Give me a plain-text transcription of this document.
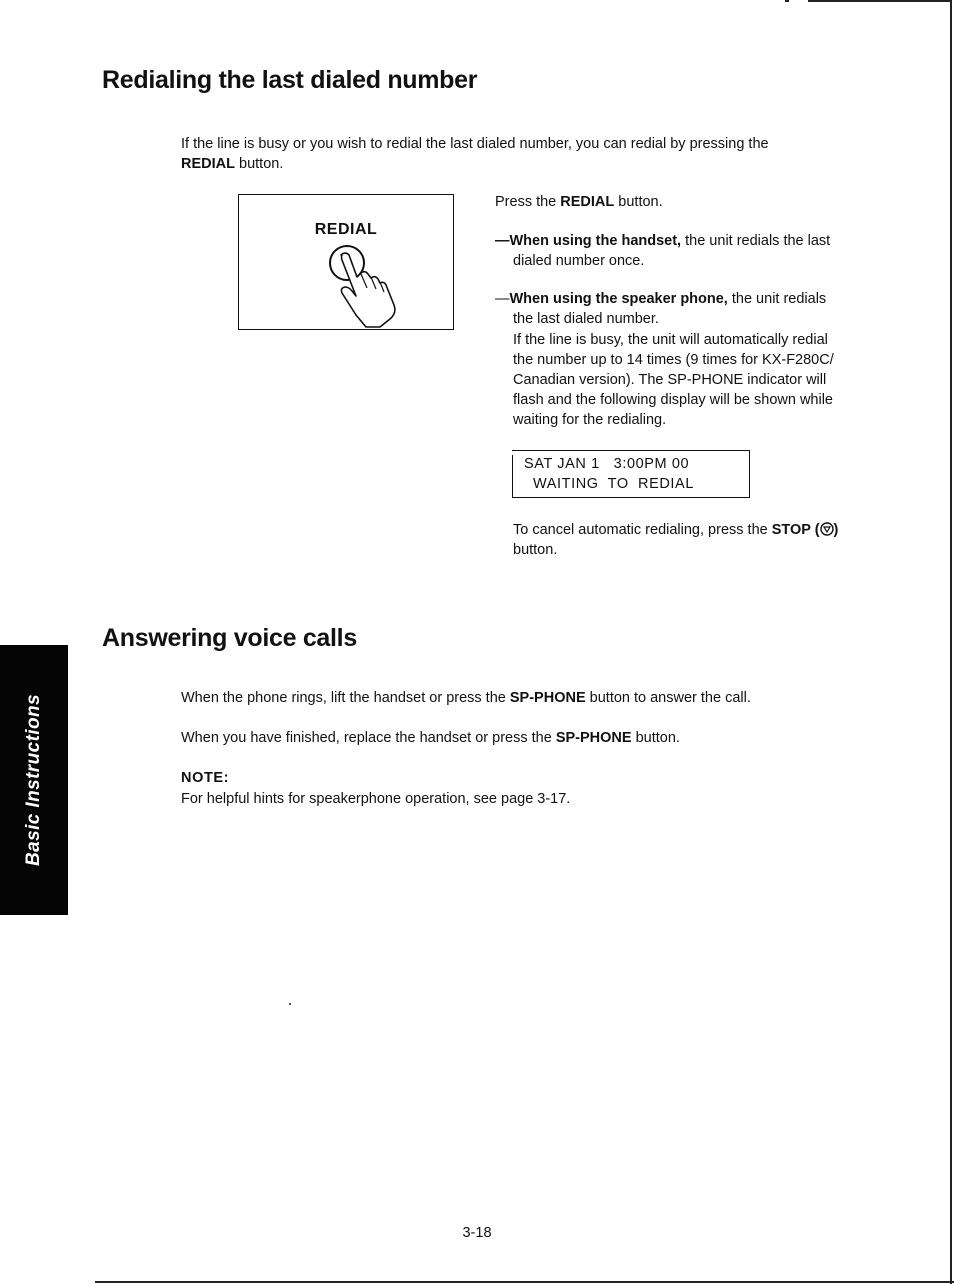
Redialing the last dialed number
If the line is busy or you wish to redial the last dialed number, you can redial by pressing the
REDIAL button.
REDIAL
Press the REDIAL button.
—When using the handset, the unit redials the last
dialed number once.
—When using the speaker phone, the unit redials
the last dialed number.
If the line is busy, the unit will automatically redial
the number up to 14 times (9 times for KX-F280C/
Canadian version). The SP-PHONE indicator will
flash and the following display will be shown while
waiting for the redialing.
SAT JAN 1   3:00PM 00
WAITING  TO  REDIAL
To cancel automatic redialing, press the STOP ( )
button.
Answering voice calls
When the phone rings, lift the handset or press the SP-PHONE button to answer the call.
When you have finished, replace the handset or press the SP-PHONE button.
NOTE:
For helpful hints for speakerphone operation, see page 3-17.
Basic Instructions
3-18
